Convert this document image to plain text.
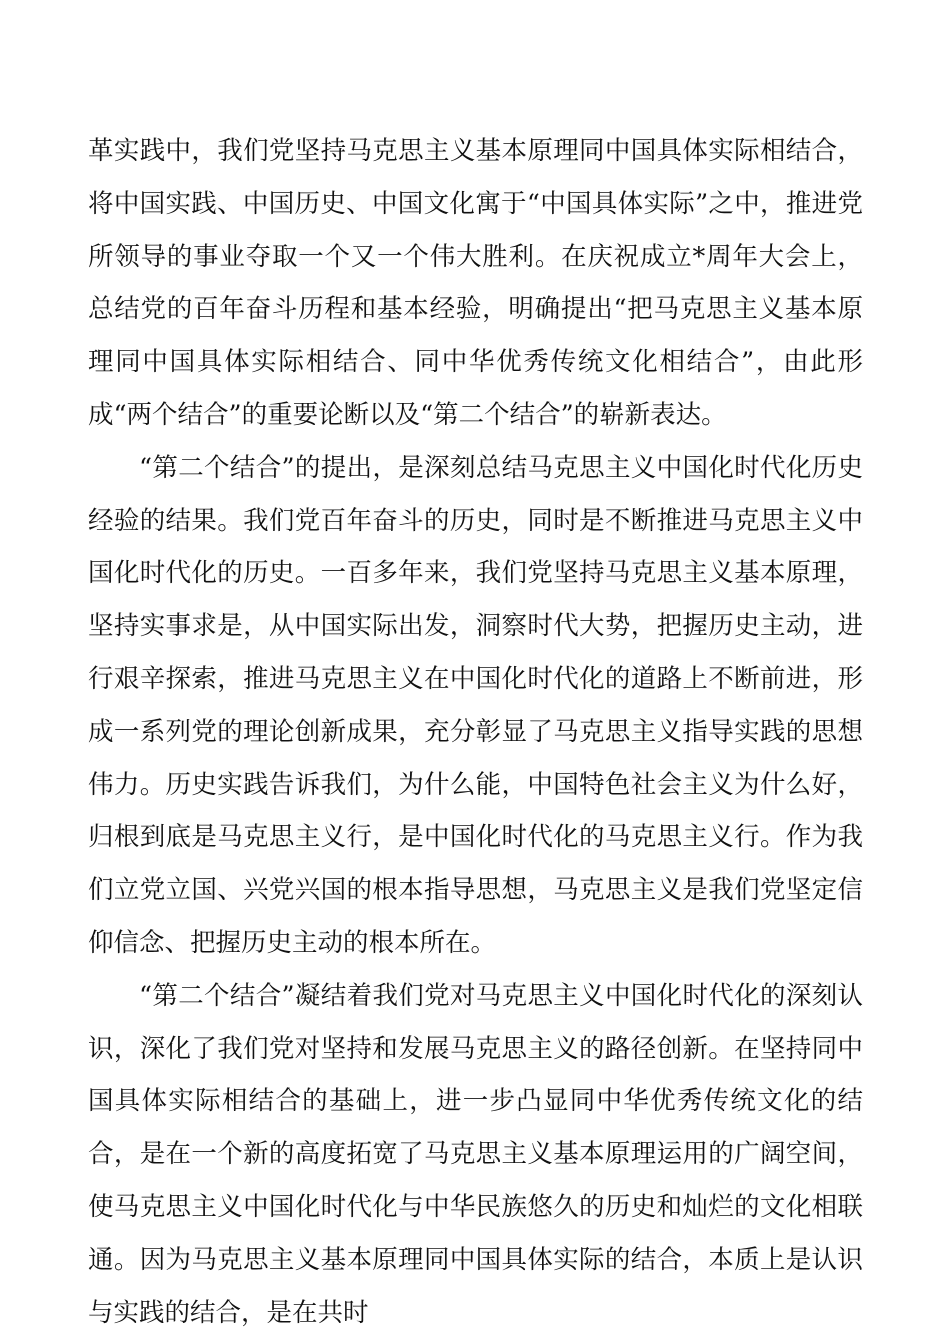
革实践中，我们党坚持马克思主义基本原理同中国具体实际相结合，将中国实践、中国历史、中国文化寓于“中国具体实际”之中，推进党所领导的事业夺取一个又一个伟大胜利。在庆祝成立*周年大会上，总结党的百年奋斗历程和基本经验，明确提出“把马克思主义基本原理同中国具体实际相结合、同中华优秀传统文化相结合”，由此形成“两个结合”的重要论断以及“第二个结合”的崭新表达。

“第二个结合”的提出，是深刻总结马克思主义中国化时代化历史经验的结果。我们党百年奋斗的历史，同时是不断推进马克思主义中国化时代化的历史。一百多年来，我们党坚持马克思主义基本原理，坚持实事求是，从中国实际出发，洞察时代大势，把握历史主动，进行艰辛探索，推进马克思主义在中国化时代化的道路上不断前进，形成一系列党的理论创新成果，充分彰显了马克思主义指导实践的思想伟力。历史实践告诉我们，为什么能，中国特色社会主义为什么好，归根到底是马克思主义行，是中国化时代化的马克思主义行。作为我们立党立国、兴党兴国的根本指导思想，马克思主义是我们党坚定信仰信念、把握历史主动的根本所在。

“第二个结合”凝结着我们党对马克思主义中国化时代化的深刻认识，深化了我们党对坚持和发展马克思主义的路径创新。在坚持同中国具体实际相结合的基础上，进一步凸显同中华优秀传统文化的结合，是在一个新的高度拓宽了马克思主义基本原理运用的广阔空间，使马克思主义中国化时代化与中华民族悠久的历史和灿烂的文化相联通。因为马克思主义基本原理同中国具体实际的结合，本质上是认识与实践的结合，是在共时
